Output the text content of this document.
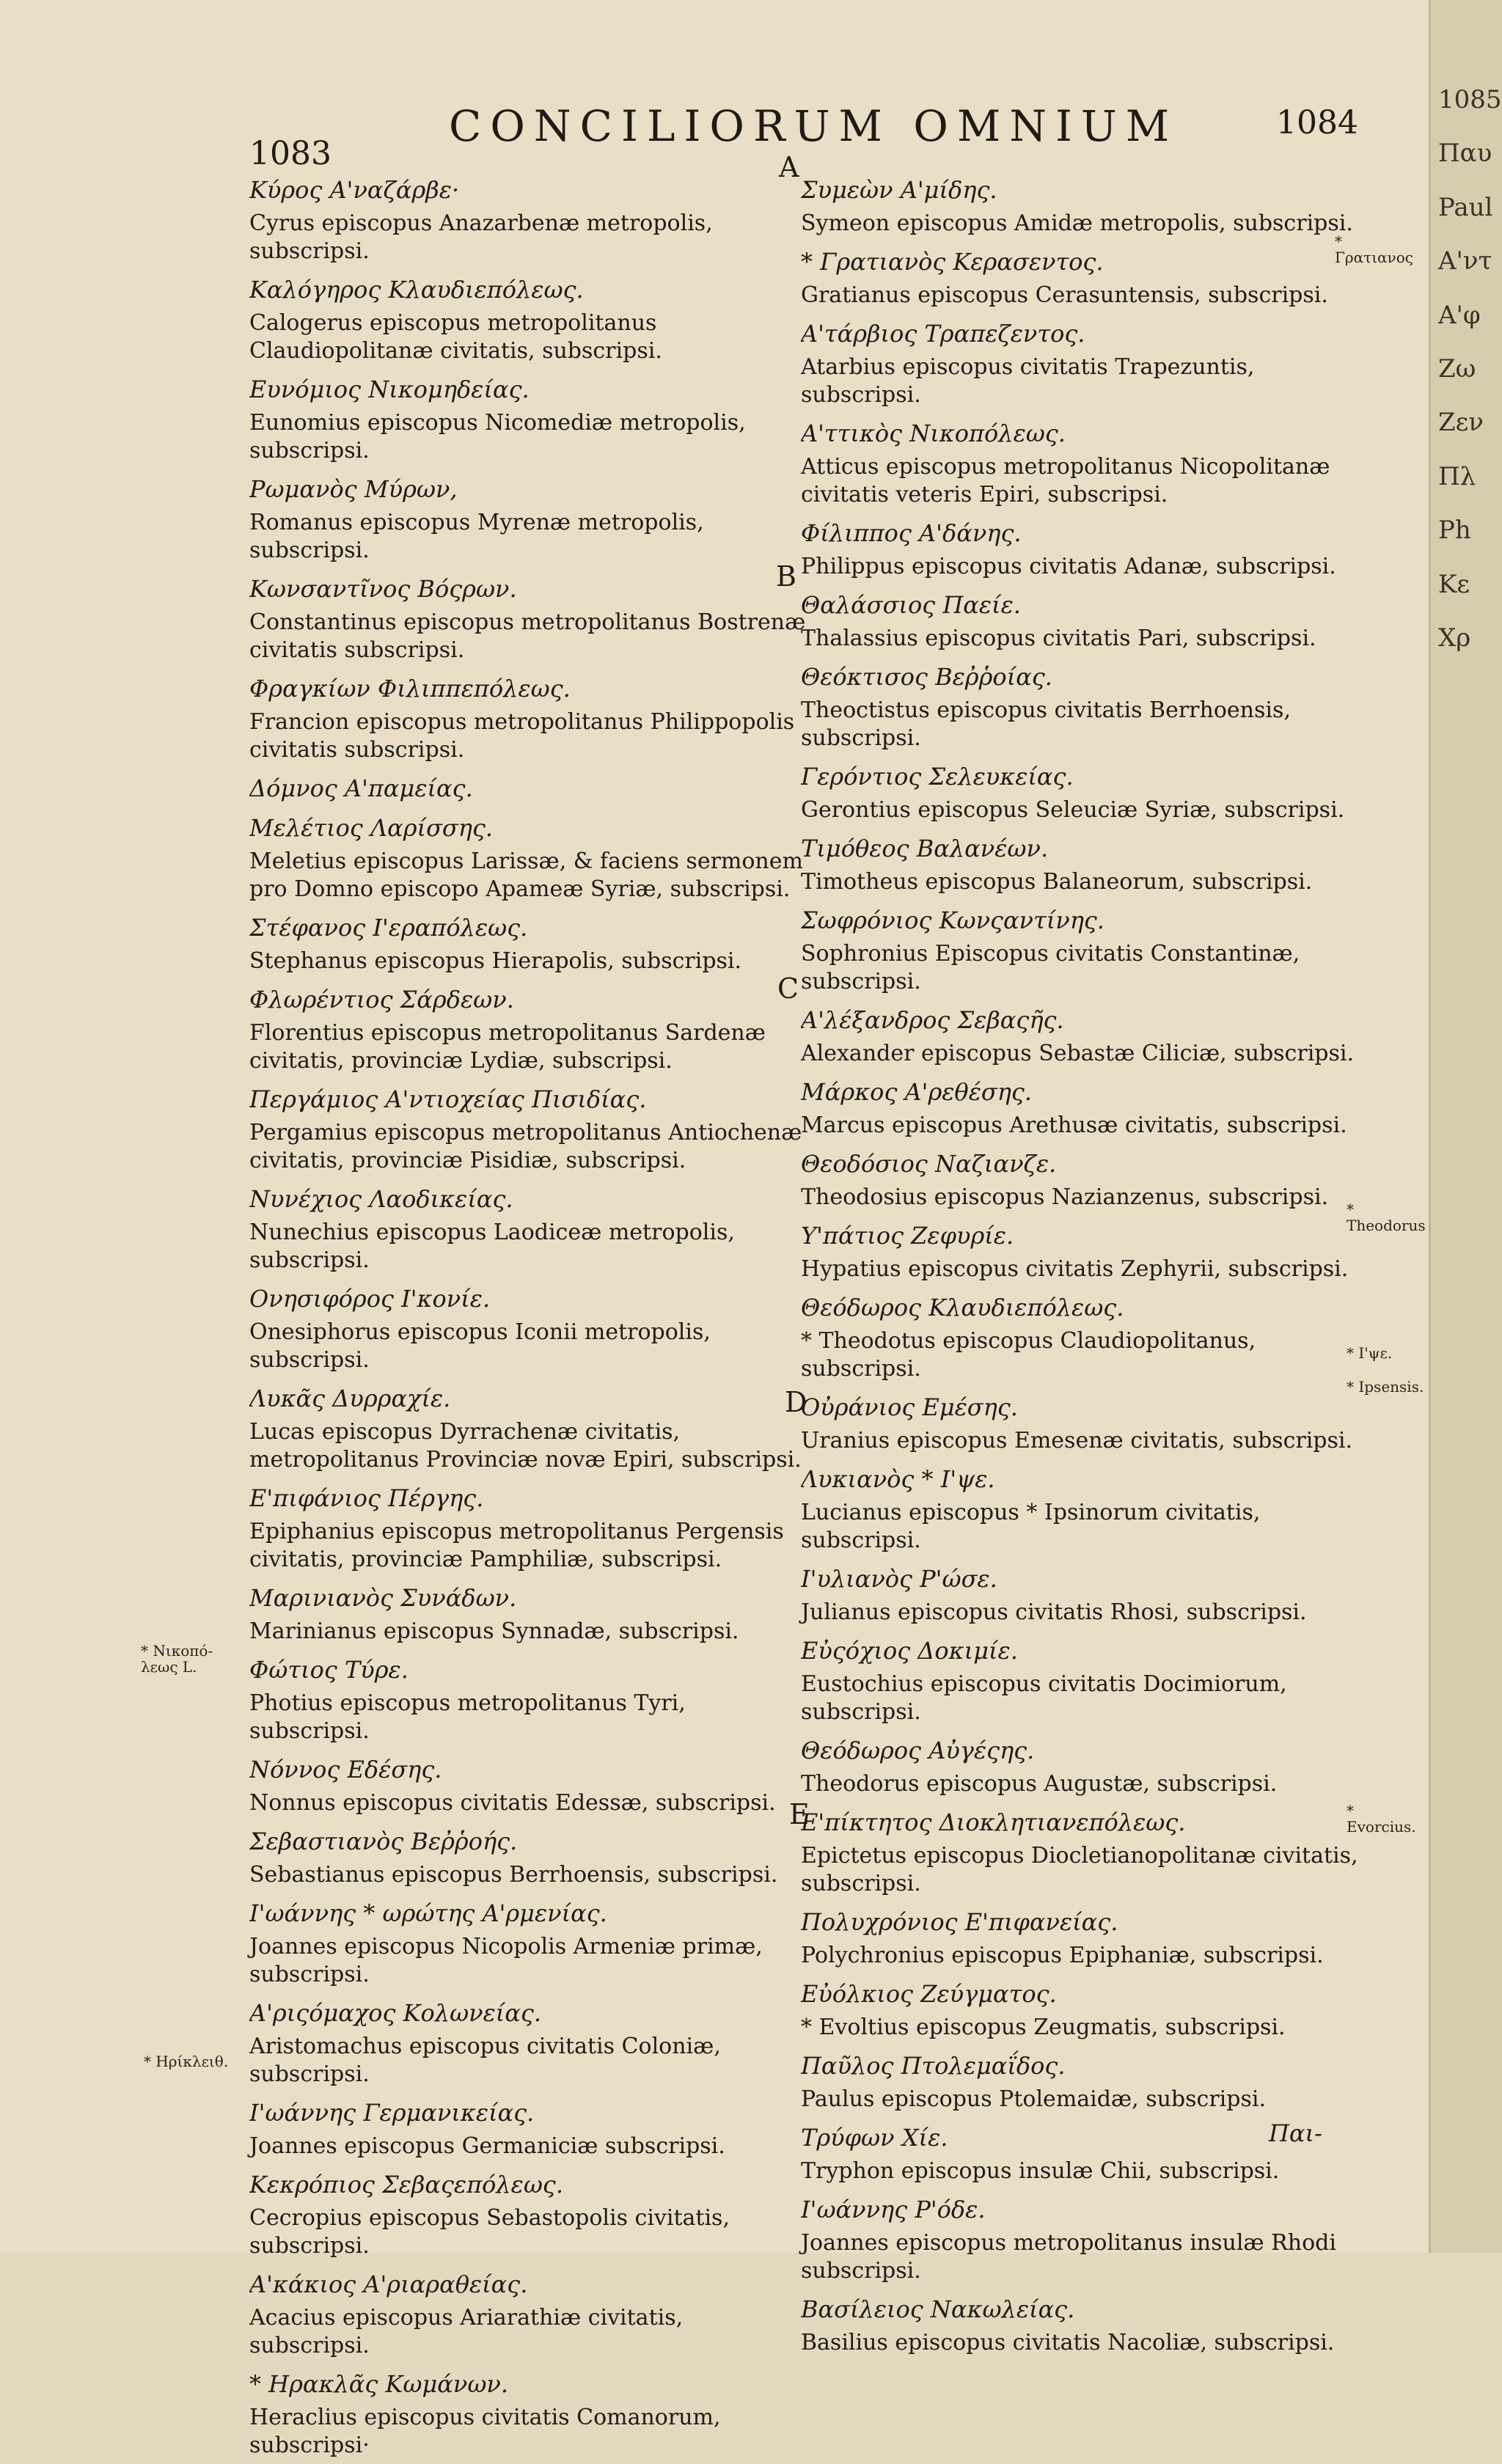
1083
CONCILIORUM OMNIUM	1084
Κύρος Α'ναζάρβε·
Cyrus episcopus Anazarbenæ metropolis, subscripsi.
Καλόγηρος Κλαυδιεπόλεως.
Calogerus episcopus metropolitanus Claudiopolitanæ civitatis, subscripsi.
Ευνόμιος Νικομηδείας.
Eunomius episcopus Nicomediæ metropolis, subscripsi.
Ρωμανὸς Μύρων,
Romanus episcopus Myrenæ metropolis, subscripsi.
Κωνσαντῖνος Βόςρων.
Constantinus episcopus metropolitanus Bostrenæ civitatis subscripsi.
Φραγκίων Φιλιππεπόλεως.
Francion episcopus metropolitanus Philippopolis civitatis subscripsi.
Δόμνος Α'παμείας.
Μελέτιος Λαρίσσης.
Meletius episcopus Larissæ, & faciens sermonem pro Domno episcopo Apameæ Syriæ, subscripsi.
Στέφανος Ι'εραπόλεως.
Stephanus episcopus Hierapolis, subscripsi.
Φλωρέντιος Σάρδεων.
Florentius episcopus metropolitanus Sardenæ civitatis, provinciæ Lydiæ, subscripsi.
Περγάμιος Α'ντιοχείας Πισιδίας.
Pergamius episcopus metropolitanus Antiochenæ civitatis, provinciæ Pisidiæ, subscripsi.
Νυνέχιος Λαοδικείας.
Nunechius episcopus Laodiceæ metropolis, subscripsi.
Ονησιφόρος Ι'κονίε.
Onesiphorus episcopus Iconii metropolis, subscripsi.
Λυκᾶς Δυρραχίε.
Lucas episcopus Dyrrachenæ civitatis, metropolitanus Provinciæ novæ Epiri, subscripsi.
Ε'πιφάνιος Πέργης.
Epiphanius episcopus metropolitanus Pergensis civitatis, provinciæ Pamphiliæ, subscripsi.
Μαρινιανὸς Συνάδων.
Marinianus episcopus Synnadæ, subscripsi.
Φώτιος Τύρε.
Photius episcopus metropolitanus Tyri, subscripsi.
Νόννος Εδέσης.
Nonnus episcopus civitatis Edessæ, subscripsi.
Σεβαστιανὸς Βεῤῥοής.
Sebastianus episcopus Berrhoensis, subscripsi.
Ι'ωάννης * ωρώτης Α'ρμενίας.
Joannes episcopus Nicopolis Armeniæ primæ, subscripsi.
Α'ριςόμαχος Κολωνείας.
Aristomachus episcopus civitatis Coloniæ, subscripsi.
Ι'ωάννης Γερμανικείας.
Joannes episcopus Germaniciæ subscripsi.
Κεκρόπιος Σεβαςεπόλεως.
Cecropius episcopus Sebastopolis civitatis, subscripsi.
Α'κάκιος Α'ριαραθείας.
Acacius episcopus Ariarathiæ civitatis, subscripsi.
* Ηρακλᾶς Κωμάνων.
Heraclius episcopus civitatis Comanorum, subscripsi·
Συμεὼν Α'μίδης.
Symeon episcopus Amidæ metropolis, subscripsi.
* Γρατιανὸς Κερασεντος.
Gratianus episcopus Cerasuntensis, subscripsi.
Α'τάρβιος Τραπεζεντος.
Atarbius episcopus civitatis Trapezuntis, subscripsi.
Α'ττικὸς Νικοπόλεως.
Atticus episcopus metropolitanus Nicopolitanæ civitatis veteris Epiri, subscripsi.
Φίλιππος Α'δάνης.
Philippus episcopus civitatis Adanæ, subscripsi.
Θαλάσσιος Παείε.
Thalassius episcopus civitatis Pari, subscripsi.
Θεόκτισος Βεῤῥοίας.
Theoctistus episcopus civitatis Berrhoensis, subscripsi.
Γερόντιος Σελευκείας.
Gerontius episcopus Seleuciæ Syriæ, subscripsi.
Τιμόθεος Βαλανέων.
Timotheus episcopus Balaneorum, subscripsi.
Σωφρόνιος Κωνςαντίνης.
Sophronius Episcopus civitatis Constantinæ, subscripsi.
Α'λέξανδρος Σεβαςῆς.
Alexander episcopus Sebastæ Ciliciæ, subscripsi.
Μάρκος Α'ρεθέσης.
Marcus episcopus Arethusæ civitatis, subscripsi.
Θεοδόσιος Ναζιανζε.
Theodosius episcopus Nazianzenus, subscripsi.
Υ'πάτιος Ζεφυρίε.
Hypatius episcopus civitatis Zephyrii, subscripsi.
Θεόδωρος Κλαυδιεπόλεως.
* Theodotus episcopus Claudiopolitanus, subscripsi.
Οὐράνιος Εμέσης.
Uranius episcopus Emesenæ civitatis, subscripsi.
Λυκιανὸς * Ι'ψε.
Lucianus episcopus * Ipsinorum civitatis, subscripsi.
Ι'υλιανὸς Ρ'ώσε.
Julianus episcopus civitatis Rhosi, subscripsi.
Εὐςόχιος Δοκιμίε.
Eustochius episcopus civitatis Docimiorum, subscripsi.
Θεόδωρος Αὐγέςης.
Theodorus episcopus Augustæ, subscripsi.
Ε'πίκτητος Διοκλητιανεπόλεως.
Epictetus episcopus Diocletianopolitanæ civitatis, subscripsi.
Πολυχρόνιος Ε'πιφανείας.
Polychronius episcopus Epiphaniæ, subscripsi.
Εὐόλκιος Ζεύγματος.
* Evoltius episcopus Zeugmatis, subscripsi.
Παῦλος Πτολεμαΐδος.
Paulus episcopus Ptolemaidæ, subscripsi.
Τρύφων Χίε.
Tryphon episcopus insulæ Chii, subscripsi.
Ι'ωάννης Ρ'όδε.
Joannes episcopus metropolitanus insulæ Rhodi subscripsi.
Βασίλειος Νακωλείας.
Basilius episcopus civitatis Nacoliæ, subscripsi.
A
B
C
D
E
* Νικοπό- λεως L.
* Ηρίκλειθ.
* Γρατιανος
* Theodorus
* Ι'ψε.
* Ipsensis.
* Evorcius.
Παι-
1085
Παυ
Paul
Α'ντ
Α'φ
Ζω
Ζεν
Πλ
Ρh
Κε
Χρ
